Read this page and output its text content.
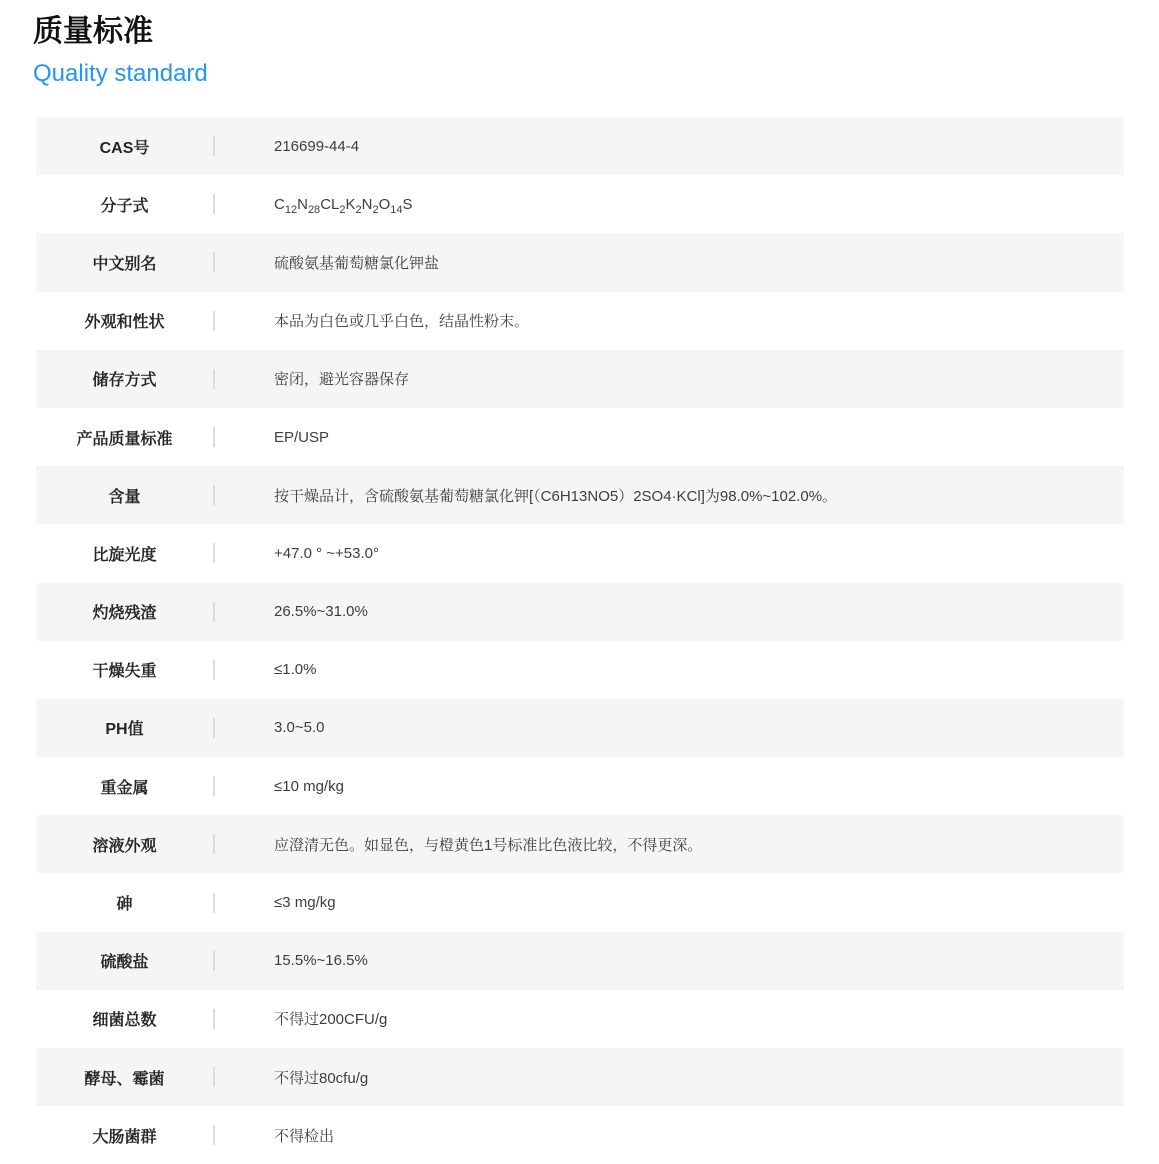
质量标准
Quality standard
CAS号	216699-44-4
分子式	$C_{12}N_{28}CL_2K_2N_2O_{14}S$
中文别名	硫酸氨基葡萄糖氯化钾盐
外观和性状	本品为白色或几乎白色，结晶性粉末。
储存方式	密闭，避光容器保存
产品质量标准	EP/USP
含量	按干燥品计，含硫酸氨基葡萄糖氯化钾[（C6H13NO5）2SO4·KCl]为98.0%~102.0%。
比旋光度	+47.0 ° ~+53.0°
灼烧残渣	26.5%~31.0%
干燥失重	≤1.0%
PH值	3.0~5.0
重金属	≤10 mg/kg
溶液外观	应澄清无色。如显色，与橙黄色1号标准比色液比较，不得更深。
砷	≤3 mg/kg
硫酸盐	15.5%~16.5%
细菌总数	不得过200CFU/g
酵母、霉菌	不得过80cfu/g
大肠菌群	不得检出
